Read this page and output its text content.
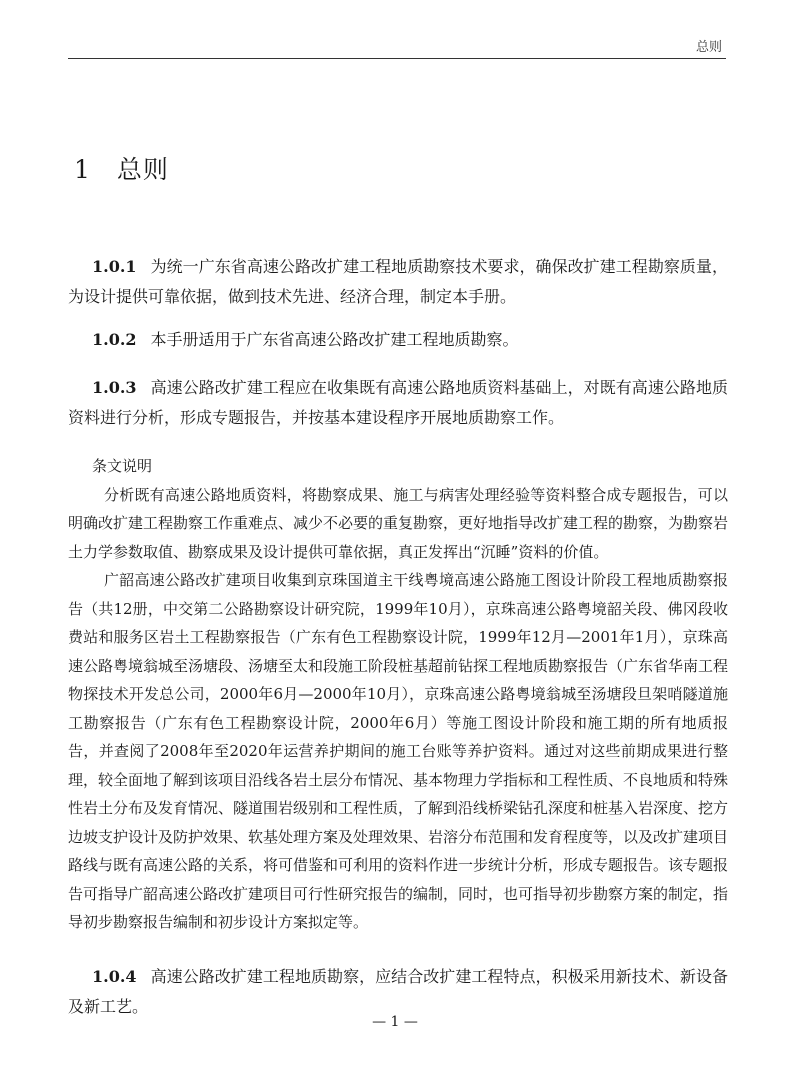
总则
1 总则

1.0.1 为统一广东省高速公路改扩建工程地质勘察技术要求，确保改扩建工程勘察质量，为设计提供可靠依据，做到技术先进、经济合理，制定本手册。

1.0.2 本手册适用于广东省高速公路改扩建工程地质勘察。

1.0.3 高速公路改扩建工程应在收集既有高速公路地质资料基础上，对既有高速公路地质资料进行分析，形成专题报告，并按基本建设程序开展地质勘察工作。

条文说明

分析既有高速公路地质资料，将勘察成果、施工与病害处理经验等资料整合成专题报告，可以明确改扩建工程勘察工作重难点、减少不必要的重复勘察，更好地指导改扩建工程的勘察，为勘察岩土力学参数取值、勘察成果及设计提供可靠依据，真正发挥出“沉睡”资料的价值。

广韶高速公路改扩建项目收集到京珠国道主干线粤境高速公路施工图设计阶段工程地质勘察报告（共12册，中交第二公路勘察设计研究院，1999年10月），京珠高速公路粤境韶关段、佛冈段收费站和服务区岩土工程勘察报告（广东有色工程勘察设计院，1999年12月—2001年1月），京珠高速公路粤境翁城至汤塘段、汤塘至太和段施工阶段桩基超前钻探工程地质勘察报告（广东省华南工程物探技术开发总公司，2000年6月—2000年10月），京珠高速公路粤境翁城至汤塘段旦架哨隧道施工勘察报告（广东有色工程勘察设计院，2000年6月）等施工图设计阶段和施工期的所有地质报告，并查阅了2008年至2020年运营养护期间的施工台账等养护资料。通过对这些前期成果进行整理，较全面地了解到该项目沿线各岩土层分布情况、基本物理力学指标和工程性质、不良地质和特殊性岩土分布及发育情况、隧道围岩级别和工程性质，了解到沿线桥梁钻孔深度和桩基入岩深度、挖方边坡支护设计及防护效果、软基处理方案及处理效果、岩溶分布范围和发育程度等，以及改扩建项目路线与既有高速公路的关系，将可借鉴和可利用的资料作进一步统计分析，形成专题报告。该专题报告可指导广韶高速公路改扩建项目可行性研究报告的编制，同时，也可指导初步勘察方案的制定，指导初步勘察报告编制和初步设计方案拟定等。

1.0.4 高速公路改扩建工程地质勘察，应结合改扩建工程特点，积极采用新技术、新设备及新工艺。

— 1 —
